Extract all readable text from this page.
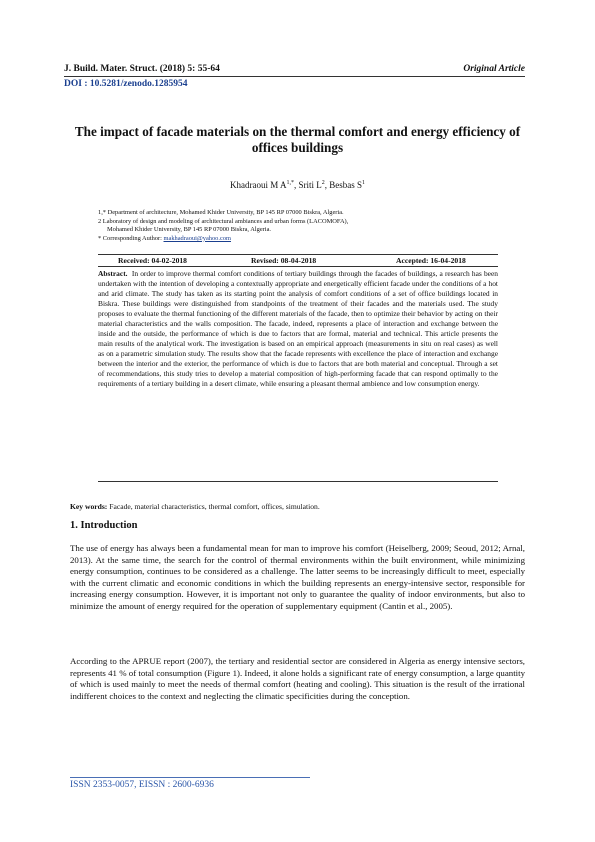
J. Build. Mater. Struct. (2018) 5: 55-64	Original Article
DOI : 10.5281/zenodo.1285954
The impact of facade materials on the thermal comfort and energy efficiency of offices buildings
Khadraoui M $A^{1,*}$, Sriti $L^2$, Besbas $S^1$
1,* Department of architecture, Mohamed Khider University, BP 145 RP 07000 Biskra, Algeria.
2 Laboratory of design and modeling of architectural ambiances and urban forms (LACOMOFA),
Mohamed Khider University, BP 145 RP 07000 Biskra, Algeria.
* Corresponding Author: makhadraoui@yahoo.com
Received: 04-02-2018	Revised: 08-04-2018	Accepted: 16-04-2018
Abstract. In order to improve thermal comfort conditions of tertiary buildings through the facades of buildings, a research has been undertaken with the intention of developing a contextually appropriate and energetically efficient facade under the conditions of a hot and arid climate. The study has taken as its starting point the analysis of comfort conditions of a set of office buildings located in Biskra. These buildings were distinguished from standpoints of the treatment of their facades and the materials used. The study proposes to evaluate the thermal functioning of the different materials of the facade, then to optimize their behavior by acting on their material characteristics and the walls composition. The facade, indeed, represents a place of interaction and exchange between the inside and the outside, the performance of which is due to factors that are formal, material and technical. This article presents the main results of the analytical work. The investigation is based on an empirical approach (measurements in situ on real cases) as well as on a parametric simulation study. The results show that the facade represents with excellence the place of interaction and exchange between the interior and the exterior, the performance of which is due to factors that are both material and conceptual. Through a set of recommendations, this study tries to develop a material composition of high-performing facade that can respond optimally to the requirements of a tertiary building in a desert climate, while ensuring a pleasant thermal ambience and low consumption energy.
Key words: Facade, material characteristics, thermal comfort, offices, simulation.
1. Introduction
The use of energy has always been a fundamental mean for man to improve his comfort (Heiselberg, 2009; Seoud, 2012; Arnal, 2013). At the same time, the search for the control of thermal environments within the built environment, while minimizing energy consumption, continues to be considered as a challenge. The latter seems to be increasingly difficult to meet, especially with the current climatic and economic conditions in which the building represents an energy-intensive sector, responsible for increasing energy consumption. However, it is important not only to guarantee the quality of indoor environments, but also to minimize the amount of energy required for the operation of supplementary equipment (Cantin et al., 2005).
According to the APRUE report (2007), the tertiary and residential sector are considered in Algeria as energy intensive sectors, represents 41 % of total consumption (Figure 1). Indeed, it alone holds a significant rate of energy consumption, a large quantity of which is used mainly to meet the needs of thermal comfort (heating and cooling). This situation is the result of the irrational indifferent choices to the context and neglecting the climatic specificities during the conception.
ISSN 2353-0057, EISSN : 2600-6936
